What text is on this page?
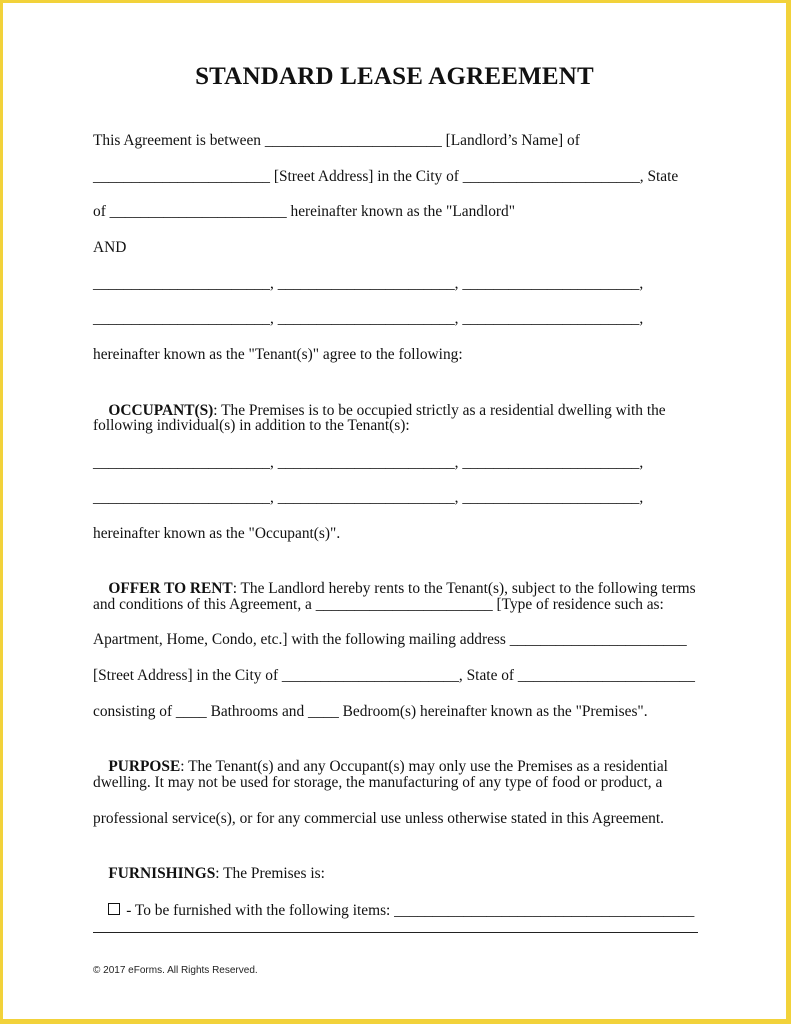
STANDARD LEASE AGREEMENT
This Agreement is between _______________________ [Landlord’s Name] of
_______________________ [Street Address] in the City of _______________________, State
of _______________________ hereinafter known as the "Landlord"
AND
_______________________, _______________________, _______________________,
_______________________, _______________________, _______________________,
hereinafter known as the "Tenant(s)" agree to the following:

OCCUPANT(S): The Premises is to be occupied strictly as a residential dwelling with the

following individual(s) in addition to the Tenant(s):
_______________________, _______________________, _______________________,
_______________________, _______________________, _______________________,
hereinafter known as the "Occupant(s)".

OFFER TO RENT: The Landlord hereby rents to the Tenant(s), subject to the following terms

and conditions of this Agreement, a _______________________ [Type of residence such as:
Apartment, Home, Condo, etc.] with the following mailing address _______________________
[Street Address] in the City of _______________________, State of _______________________
consisting of ____ Bathrooms and ____ Bedroom(s) hereinafter known as the "Premises".

PURPOSE: The Tenant(s) and any Occupant(s) may only use the Premises as a residential

dwelling. It may not be used for storage, the manufacturing of any type of food or product, a
professional service(s), or for any commercial use unless otherwise stated in this Agreement.

FURNISHINGS: The Premises is:

- To be furnished with the following items: _______________________________________

© 2017 eForms. All Rights Reserved.
